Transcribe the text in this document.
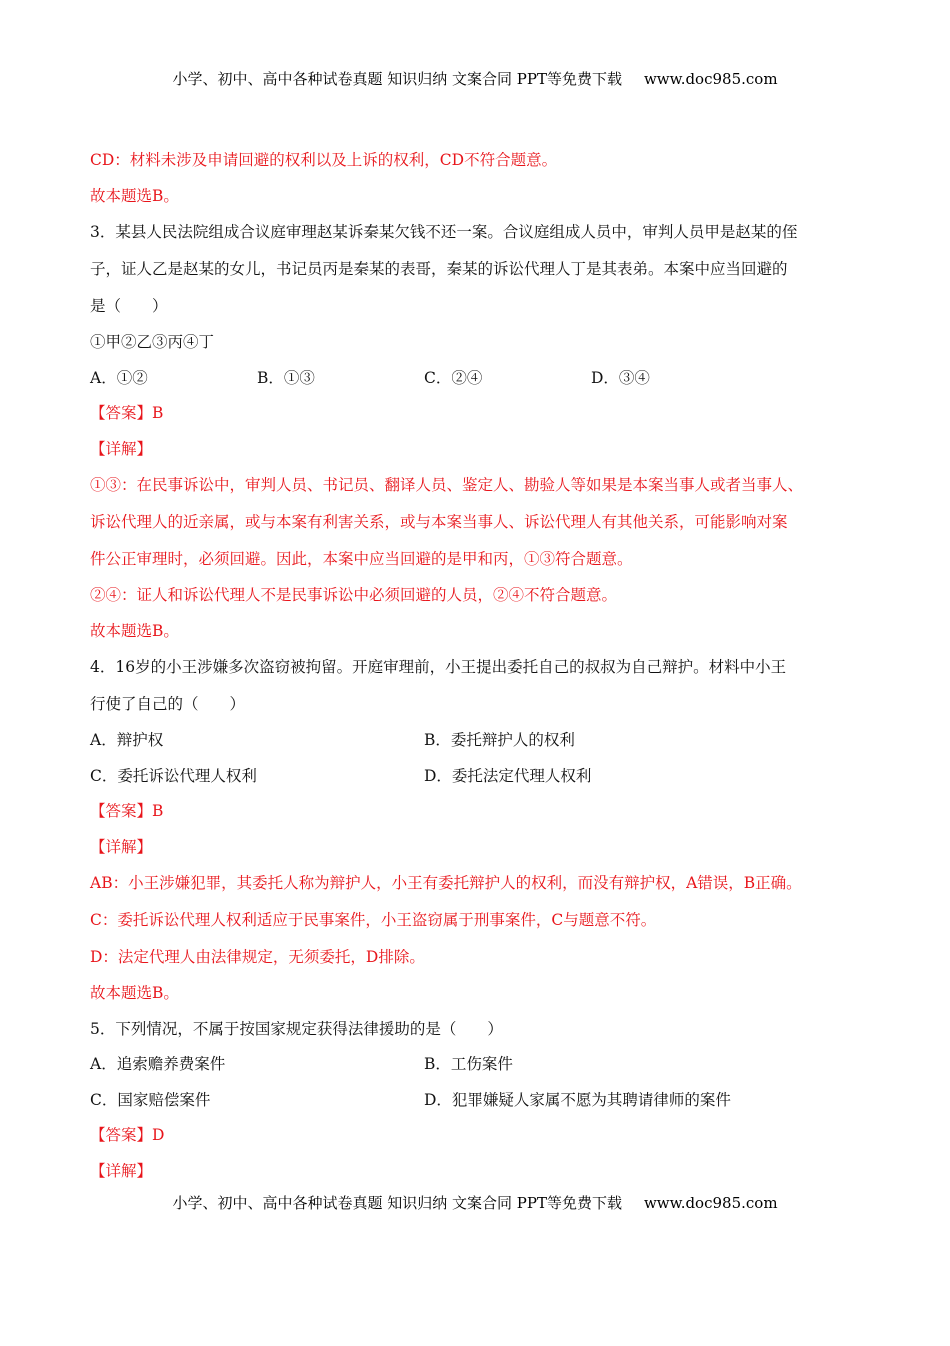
小学、初中、高中各种试卷真题 知识归纳 文案合同 PPT等免费下载 www.doc985.com
CD：材料未涉及申请回避的权利以及上诉的权利，CD不符合题意。
故本题选B。
3．某县人民法院组成合议庭审理赵某诉秦某欠钱不还一案。合议庭组成人员中，审判人员甲是赵某的侄
子，证人乙是赵某的女儿，书记员丙是秦某的表哥，秦某的诉讼代理人丁是其表弟。本案中应当回避的
是（　　）
①甲②乙③丙④丁
A．①②	B．①③	C．②④	D．③④
【答案】B
【详解】
①③：在民事诉讼中，审判人员、书记员、翻译人员、鉴定人、勘验人等如果是本案当事人或者当事人、
诉讼代理人的近亲属，或与本案有利害关系，或与本案当事人、诉讼代理人有其他关系，可能影响对案
件公正审理时，必须回避。因此，本案中应当回避的是甲和丙，①③符合题意。
②④：证人和诉讼代理人不是民事诉讼中必须回避的人员，②④不符合题意。
故本题选B。
4．16岁的小王涉嫌多次盗窃被拘留。开庭审理前，小王提出委托自己的叔叔为自己辩护。材料中小王
行使了自己的（　　）
A．辩护权	B．委托辩护人的权利
C．委托诉讼代理人权利	D．委托法定代理人权利
【答案】B
【详解】
AB：小王涉嫌犯罪，其委托人称为辩护人，小王有委托辩护人的权利，而没有辩护权，A错误，B正确。
C：委托诉讼代理人权利适应于民事案件，小王盗窃属于刑事案件，C与题意不符。
D：法定代理人由法律规定，无须委托，D排除。
故本题选B。
5．下列情况，不属于按国家规定获得法律援助的是（　　）
A．追索赡养费案件	B．工伤案件
C．国家赔偿案件	D．犯罪嫌疑人家属不愿为其聘请律师的案件
【答案】D
【详解】
小学、初中、高中各种试卷真题 知识归纳 文案合同 PPT等免费下载 www.doc985.com
